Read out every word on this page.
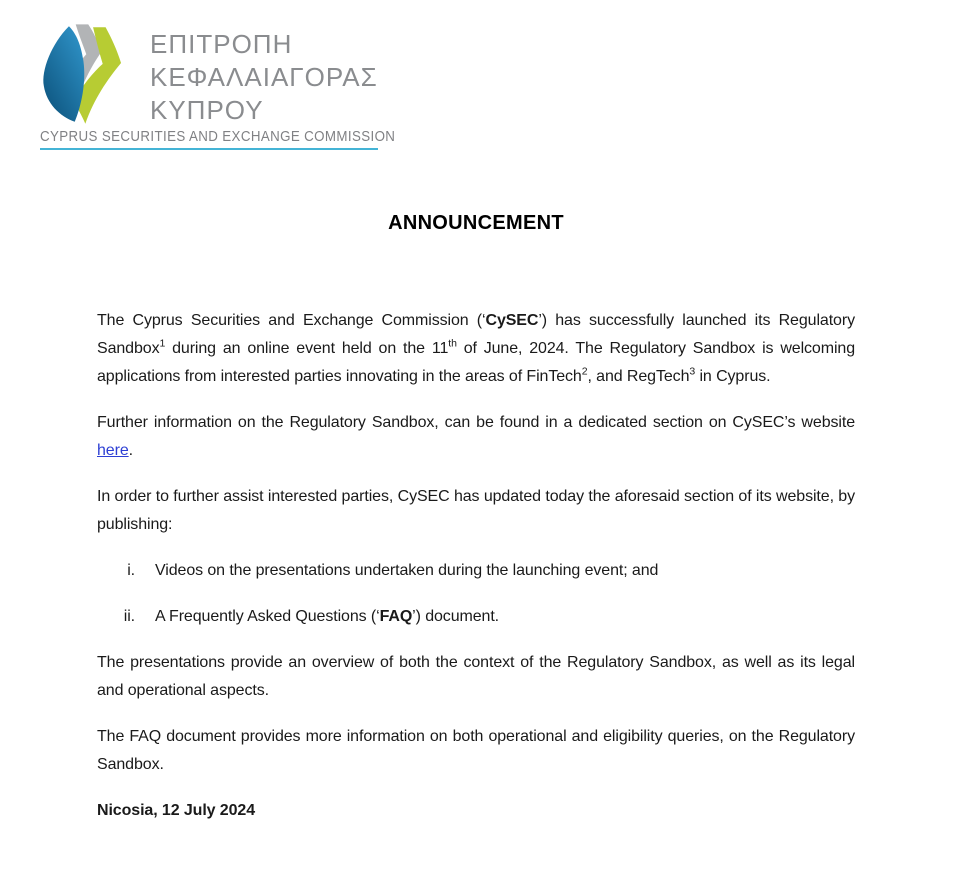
ΕΠΙΤΡΟΠΗ
ΚΕΦΑΛΑΙΑΓΟΡΑΣ
ΚΥΠΡΟΥ
CYPRUS SECURITIES AND EXCHANGE COMMISSION
ANNOUNCEMENT

The Cyprus Securities and Exchange Commission (‘CySEC’) has successfully launched its Regulatory Sandbox$^1$ during an online event held on the 11th of June, 2024. The Regulatory Sandbox is welcoming applications from interested parties innovating in the areas of FinTech$^2$, and RegTech$^3$ in Cyprus.

Further information on the Regulatory Sandbox, can be found in a dedicated section on CySEC’s website here.

In order to further assist interested parties, CySEC has updated today the aforesaid section of its website, by publishing:

i. Videos on the presentations undertaken during the launching event; and
ii. A Frequently Asked Questions (‘FAQ’) document.

The presentations provide an overview of both the context of the Regulatory Sandbox, as well as its legal and operational aspects.

The FAQ document provides more information on both operational and eligibility queries, on the Regulatory Sandbox.

Nicosia, 12 July 2024
